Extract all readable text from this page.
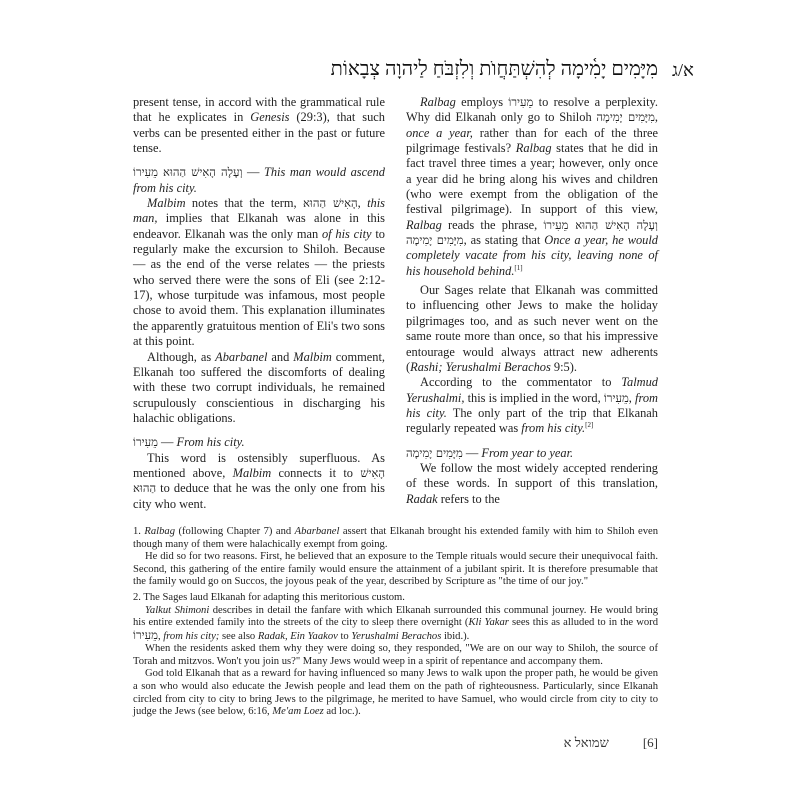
מִיָּמִים יָמִ֫ימָה לְהִשְׁתַּחֲוֺת וְלִזְבֹּחַ לַיהוָה צְבָאוֹת א/ג

present tense, in accord with the grammatical rule that he explicates in Genesis (29:3), that such verbs can be presented either in the past or future tense.

וְעָלָה הָאִישׁ הַהוּא מֵעִירוֹ — This man would ascend from his city.

Malbim notes that the term, הָאִישׁ הַהוּא, this man, implies that Elkanah was alone in this endeavor. Elkanah was the only man of his city to regularly make the excursion to Shiloh. Because — as the end of the verse relates — the priests who served there were the sons of Eli (see 2:12-17), whose turpitude was infamous, most people chose to avoid them. This explanation illuminates the apparently gratuitous mention of Eli's two sons at this point.

Although, as Abarbanel and Malbim comment, Elkanah too suffered the discomforts of dealing with these two corrupt individuals, he remained scrupulously conscientious in discharging his halachic obligations.

מֵעִירוֹ — From his city.

This word is ostensibly superfluous. As mentioned above, Malbim connects it to הָאִישׁ הַהוּא to deduce that he was the only one from his city who went.

Ralbag employs מֵעִירוֹ to resolve a perplexity. Why did Elkanah only go to Shiloh מִיָּמִים יָמִימָה, once a year, rather than for each of the three pilgrimage festivals? Ralbag states that he did in fact travel three times a year; however, only once a year did he bring along his wives and children (who were exempt from the obligation of the festival pilgrimage). In support of this view, Ralbag reads the phrase, וְעָלָה הָאִישׁ הַהוּא מֵעִירוֹ מִיָּמִים יָמִימָה, as stating that Once a year, he would completely vacate from his city, leaving none of his household behind.[1]

Our Sages relate that Elkanah was committed to influencing other Jews to make the holiday pilgrimages too, and as such never went on the same route more than once, so that his impressive entourage would always attract new adherents (Rashi; Yerushalmi Berachos 9:5).

According to the commentator to Talmud Yerushalmi, this is implied in the word, מֵעִירוֹ, from his city. The only part of the trip that Elkanah regularly repeated was from his city.[2]

מִיָּמִים יָמִימָה — From year to year.

We follow the most widely accepted rendering of these words. In support of this translation, Radak refers to the

1. Ralbag (following Chapter 7) and Abarbanel assert that Elkanah brought his extended family with him to Shiloh even though many of them were halachically exempt from going.

He did so for two reasons. First, he believed that an exposure to the Temple rituals would secure their unequivocal faith. Second, this gathering of the entire family would ensure the attainment of a jubilant spirit. It is therefore presumable that the family would go on Succos, the joyous peak of the year, described by Scripture as "the time of our joy."

2. The Sages laud Elkanah for adapting this meritorious custom.

Yalkut Shimoni describes in detail the fanfare with which Elkanah surrounded this communal journey. He would bring his entire extended family into the streets of the city to sleep there overnight (Kli Yakar sees this as alluded to in the word מֵעִירוֹ, from his city; see also Radak, Ein Yaakov to Yerushalmi Berachos ibid.).

When the residents asked them why they were doing so, they responded, "We are on our way to Shiloh, the source of Torah and mitzvos. Won't you join us?" Many Jews would weep in a spirit of repentance and accompany them.

God told Elkanah that as a reward for having influenced so many Jews to walk upon the proper path, he would be given a son who would also educate the Jewish people and lead them on the path of righteousness. Particularly, since Elkanah circled from city to city to bring Jews to the pilgrimage, he merited to have Samuel, who would circle from city to city to judge the Jews (see below, 6:16, Me'am Loez ad loc.).

שמואל א	[6]
